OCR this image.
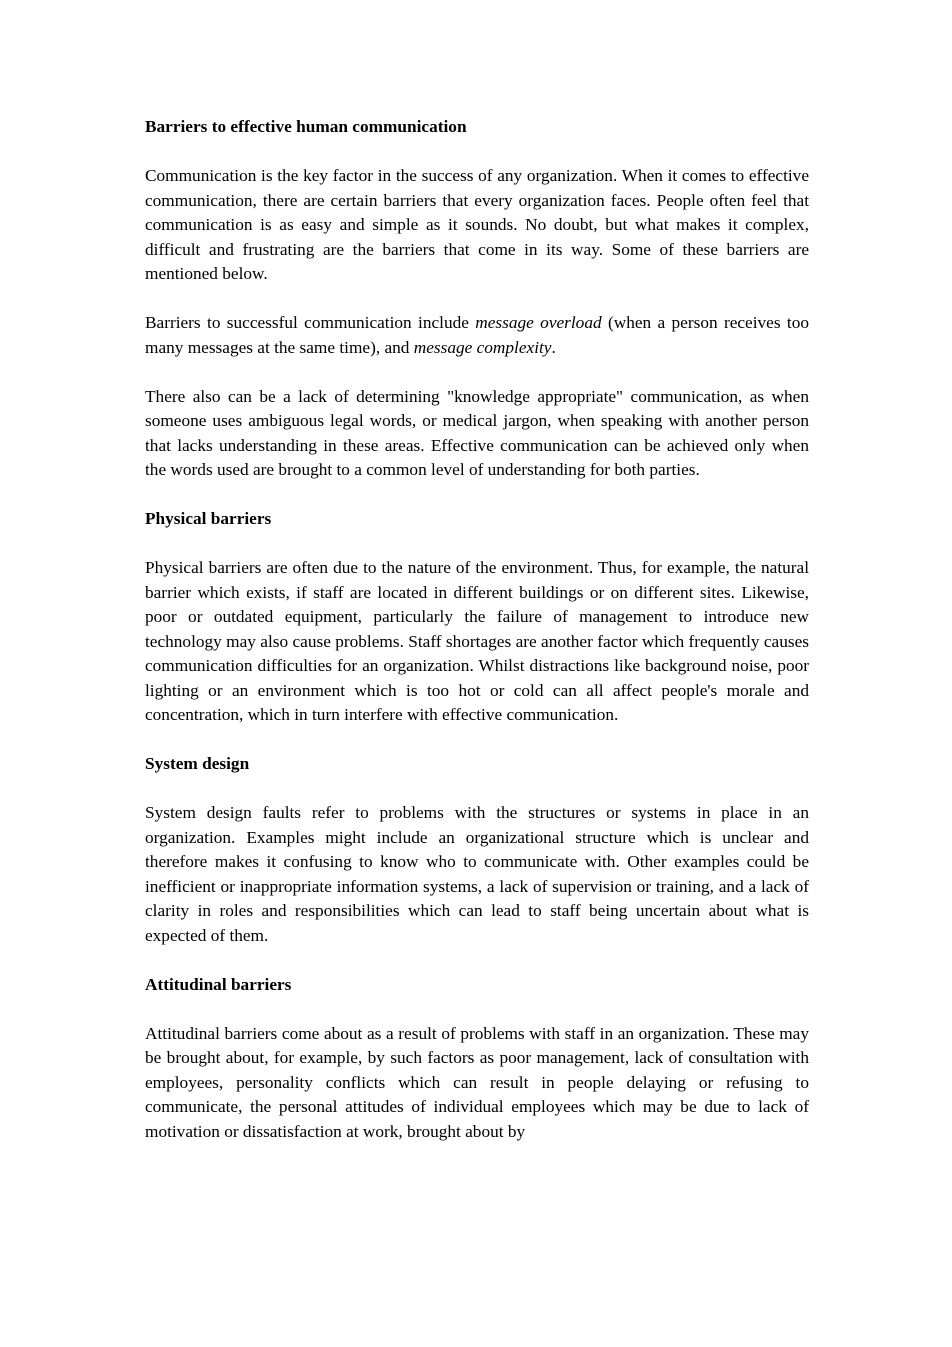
Barriers to effective human communication

Communication is the key factor in the success of any organization. When it comes to effective communication, there are certain barriers that every organization faces. People often feel that communication is as easy and simple as it sounds. No doubt, but what makes it complex, difficult and frustrating are the barriers that come in its way. Some of these barriers are mentioned below.

Barriers to successful communication include message overload (when a person receives too many messages at the same time), and message complexity.

There also can be a lack of determining "knowledge appropriate" communication, as when someone uses ambiguous legal words, or medical jargon, when speaking with another person that lacks understanding in these areas. Effective communication can be achieved only when the words used are brought to a common level of understanding for both parties.

Physical barriers

Physical barriers are often due to the nature of the environment. Thus, for example, the natural barrier which exists, if staff are located in different buildings or on different sites. Likewise, poor or outdated equipment, particularly the failure of management to introduce new technology may also cause problems. Staff shortages are another factor which frequently causes communication difficulties for an organization. Whilst distractions like background noise, poor lighting or an environment which is too hot or cold can all affect people's morale and concentration, which in turn interfere with effective communication.

System design

System design faults refer to problems with the structures or systems in place in an organization. Examples might include an organizational structure which is unclear and therefore makes it confusing to know who to communicate with. Other examples could be inefficient or inappropriate information systems, a lack of supervision or training, and a lack of clarity in roles and responsibilities which can lead to staff being uncertain about what is expected of them.

Attitudinal barriers

Attitudinal barriers come about as a result of problems with staff in an organization. These may be brought about, for example, by such factors as poor management, lack of consultation with employees, personality conflicts which can result in people delaying or refusing to communicate, the personal attitudes of individual employees which may be due to lack of motivation or dissatisfaction at work, brought about by
